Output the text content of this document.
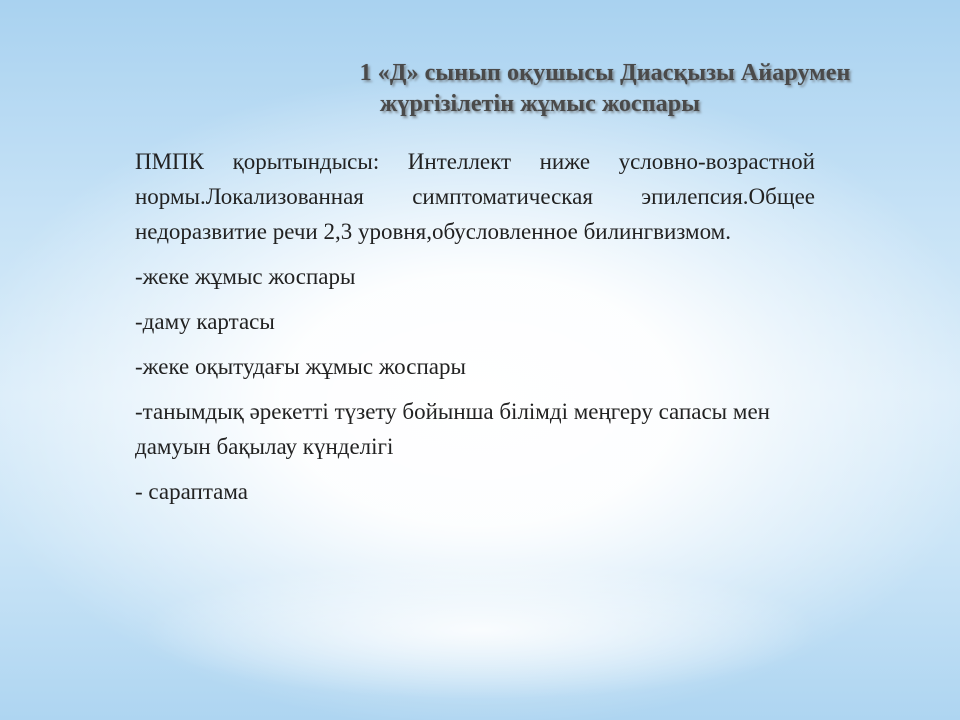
1 «Д» сынып оқушысы Диасқызы Айарумен
жүргізілетін жұмыс жоспары

ПМПК қорытындысы: Интеллект ниже условно-возрастной нормы.Локализованная симптоматическая эпилепсия.Общее недоразвитие речи 2,3 уровня,обусловленное билингвизмом.

-жеке жұмыс жоспары

-даму картасы

-жеке оқытудағы жұмыс жоспары

-танымдық әрекетті түзету бойынша білімді меңгеру сапасы мен дамуын бақылау күнделігі

- сараптама
